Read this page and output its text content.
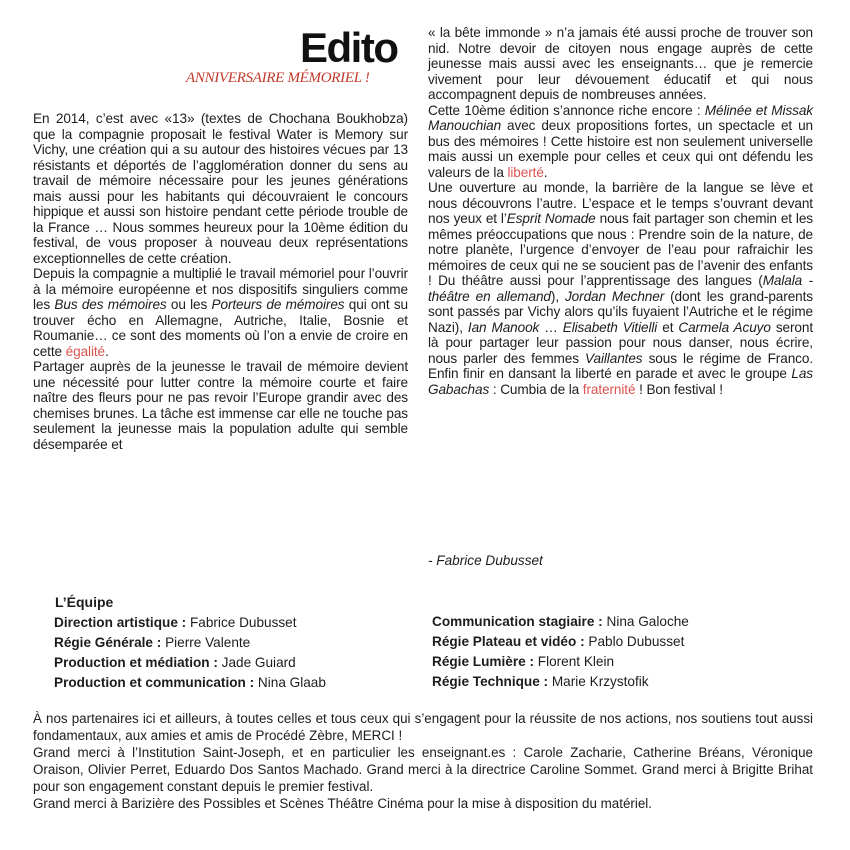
Edito
ANNIVERSAIRE MÉMORIEL !

En 2014, c’est avec «13» (textes de Chochana Boukhobza) que la compagnie proposait le festival Water is Memory sur Vichy, une création qui a su autour des histoires vécues par 13 résistants et déportés de l’agglomération donner du sens au travail de mémoire nécessaire pour les jeunes générations mais aussi pour les habitants qui découvraient le concours hippique et aussi son histoire pendant cette période trouble de la France … Nous sommes heureux pour la 10ème édition du festival, de vous proposer à nouveau deux représentations exceptionnelles de cette création.

Depuis la compagnie a multiplié le travail mémoriel pour l’ouvrir à la mémoire européenne et nos dispositifs singuliers comme les Bus des mémoires ou les Porteurs de mémoires qui ont su trouver écho en Allemagne, Autriche, Italie, Bosnie et Roumanie… ce sont des moments où l’on a envie de croire en cette égalité.

Partager auprès de la jeunesse le travail de mémoire devient une nécessité pour lutter contre la mémoire courte et faire naître des fleurs pour ne pas revoir l’Europe grandir avec des chemises brunes. La tâche est immense car elle ne touche pas seulement la jeunesse mais la population adulte qui semble désemparée et

« la bête immonde » n’a jamais été aussi proche de trouver son nid. Notre devoir de citoyen nous engage auprès de cette jeunesse mais aussi avec les enseignants… que je remercie vivement pour leur dévouement éducatif et qui nous accompagnent depuis de nombreuses années.

Cette 10ème édition s’annonce riche encore : Mélinée et Missak Manouchian avec deux propositions fortes, un spectacle et un bus des mémoires ! Cette histoire est non seulement universelle mais aussi un exemple pour celles et ceux qui ont défendu les valeurs de la liberté.

Une ouverture au monde, la barrière de la langue se lève et nous découvrons l’autre. L’espace et le temps s’ouvrant devant nos yeux et l’Esprit Nomade nous fait partager son chemin et les mêmes préoccupations que nous : Prendre soin de la nature, de notre planète, l’urgence d’envoyer de l’eau pour rafraichir les mémoires de ceux qui ne se soucient pas de l’avenir des enfants ! Du théâtre aussi pour l’apprentissage des langues (Malala - théâtre en allemand), Jordan Mechner (dont les grand-parents sont passés par Vichy alors qu’ils fuyaient l’Autriche et le régime Nazi), Ian Manook … Elisabeth Vitielli et Carmela Acuyo seront là pour partager leur passion pour nous danser, nous écrire, nous parler des femmes Vaillantes sous le régime de Franco. Enfin finir en dansant la liberté en parade et avec le groupe Las Gabachas : Cumbia de la fraternité ! Bon festival !

- Fabrice Dubusset
L’Équipe
Direction artistique : Fabrice Dubusset
Régie Générale : Pierre Valente
Production et médiation : Jade Guiard
Production et communication : Nina Glaab
Communication stagiaire : Nina Galoche
Régie Plateau et vidéo : Pablo Dubusset
Régie Lumière : Florent Klein
Régie Technique : Marie Krzystofik

À nos partenaires ici et ailleurs, à toutes celles et tous ceux qui s’engagent pour la réussite de nos actions, nos soutiens tout aussi fondamentaux, aux amies et amis de Procédé Zèbre, MERCI !

Grand merci à l’Institution Saint-Joseph, et en particulier les enseignant.es : Carole Zacharie, Catherine Bréans, Véronique Oraison, Olivier Perret, Eduardo Dos Santos Machado. Grand merci à la directrice Caroline Sommet. Grand merci à Brigitte Brihat pour son engagement constant depuis le premier festival.

Grand merci à Barizière des Possibles et Scènes Théâtre Cinéma pour la mise à disposition du matériel.
